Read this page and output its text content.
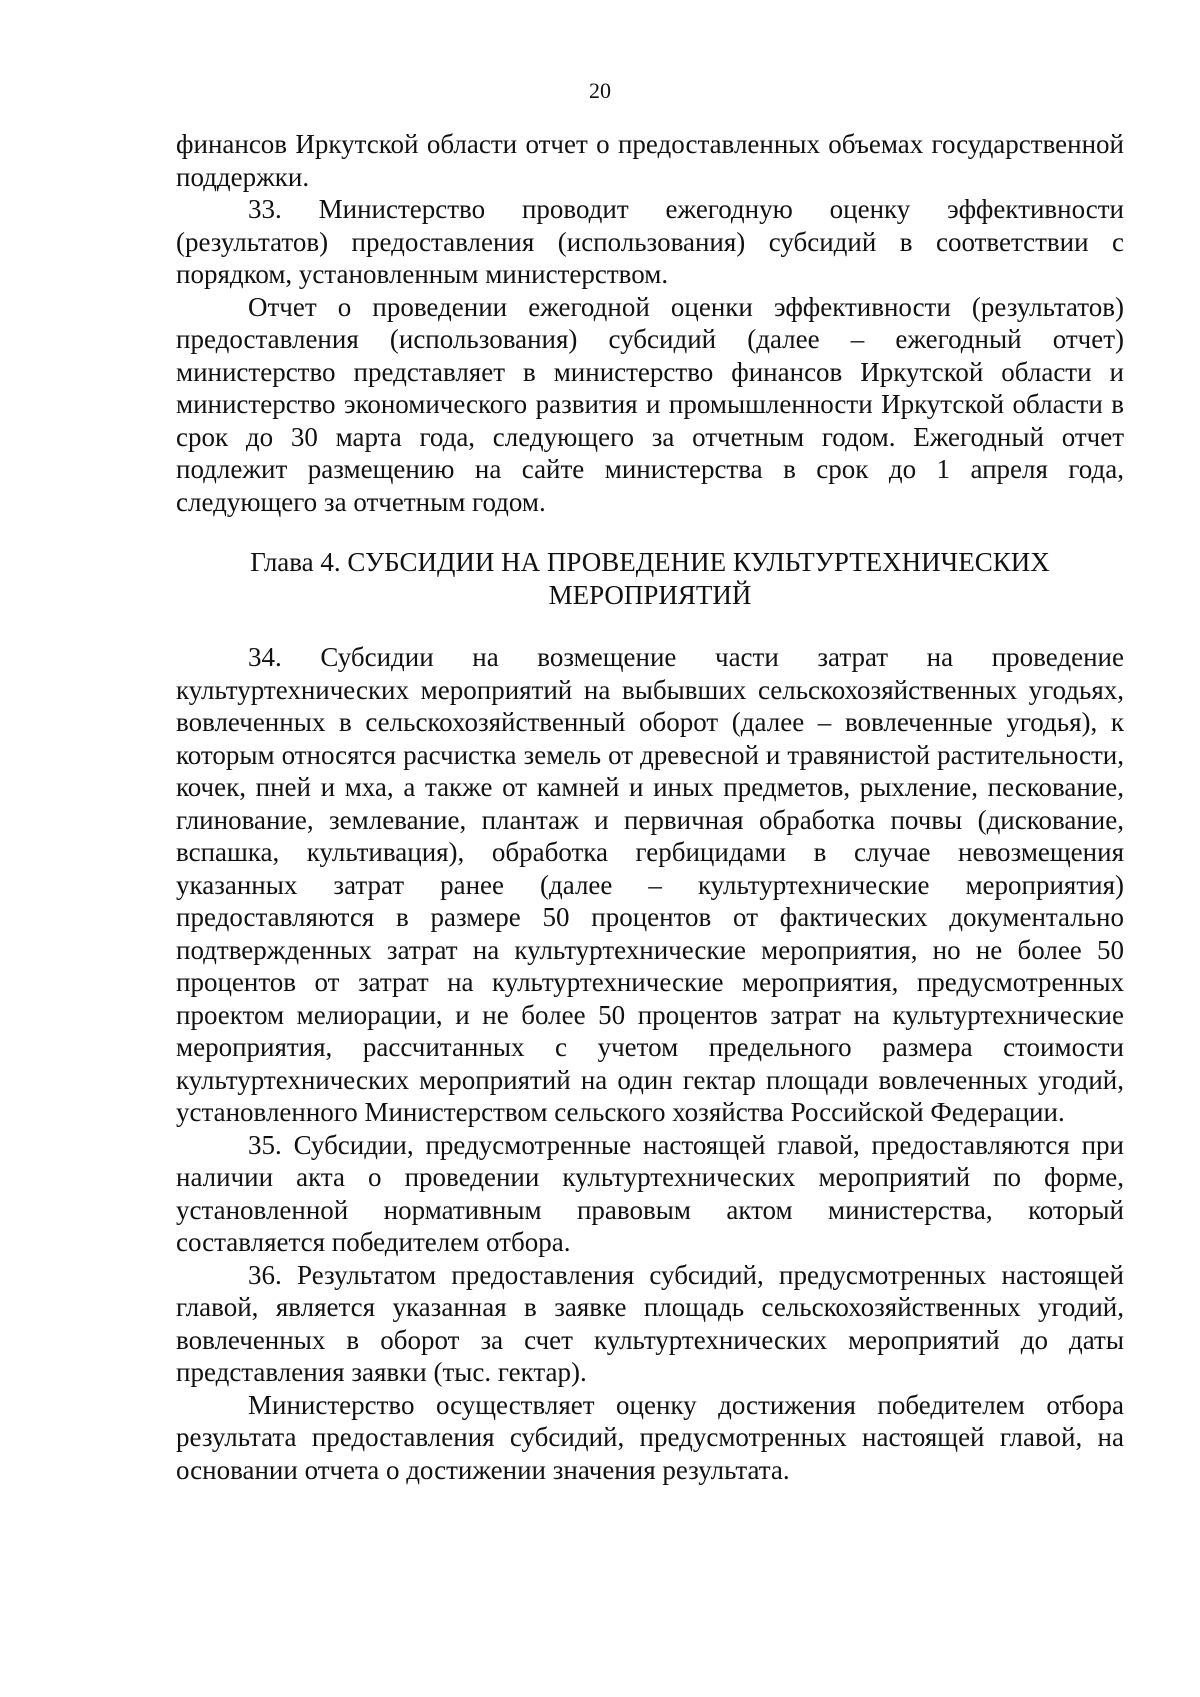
20

финансов Иркутской области отчет о предоставленных объемах государственной поддержки.

33. Министерство проводит ежегодную оценку эффективности (результатов) предоставления (использования) субсидий в соответствии с порядком, установленным министерством.

Отчет о проведении ежегодной оценки эффективности (результатов) предоставления (использования) субсидий (далее – ежегодный отчет) министерство представляет в министерство финансов Иркутской области и министерство экономического развития и промышленности Иркутской области в срок до 30 марта года, следующего за отчетным годом. Ежегодный отчет подлежит размещению на сайте министерства в срок до 1 апреля года, следующего за отчетным годом.

Глава 4. СУБСИДИИ НА ПРОВЕДЕНИЕ КУЛЬТУРТЕХНИЧЕСКИХ МЕРОПРИЯТИЙ

34. Субсидии на возмещение части затрат на проведение культуртехнических мероприятий на выбывших сельскохозяйственных угодьях, вовлеченных в сельскохозяйственный оборот (далее – вовлеченные угодья), к которым относятся расчистка земель от древесной и травянистой растительности, кочек, пней и мха, а также от камней и иных предметов, рыхление, пескование, глинование, землевание, плантаж и первичная обработка почвы (дискование, вспашка, культивация), обработка гербицидами в случае невозмещения указанных затрат ранее (далее – культуртехнические мероприятия) предоставляются в размере 50 процентов от фактических документально подтвержденных затрат на культуртехнические мероприятия, но не более 50 процентов от затрат на культуртехнические мероприятия, предусмотренных проектом мелиорации, и не более 50 процентов затрат на культуртехнические мероприятия, рассчитанных с учетом предельного размера стоимости культуртехнических мероприятий на один гектар площади вовлеченных угодий, установленного Министерством сельского хозяйства Российской Федерации.

35. Субсидии, предусмотренные настоящей главой, предоставляются при наличии акта о проведении культуртехнических мероприятий по форме, установленной нормативным правовым актом министерства, который составляется победителем отбора.

36. Результатом предоставления субсидий, предусмотренных настоящей главой, является указанная в заявке площадь сельскохозяйственных угодий, вовлеченных в оборот за счет культуртехнических мероприятий до даты представления заявки (тыс. гектар).

Министерство осуществляет оценку достижения победителем отбора результата предоставления субсидий, предусмотренных настоящей главой, на основании отчета о достижении значения результата.
